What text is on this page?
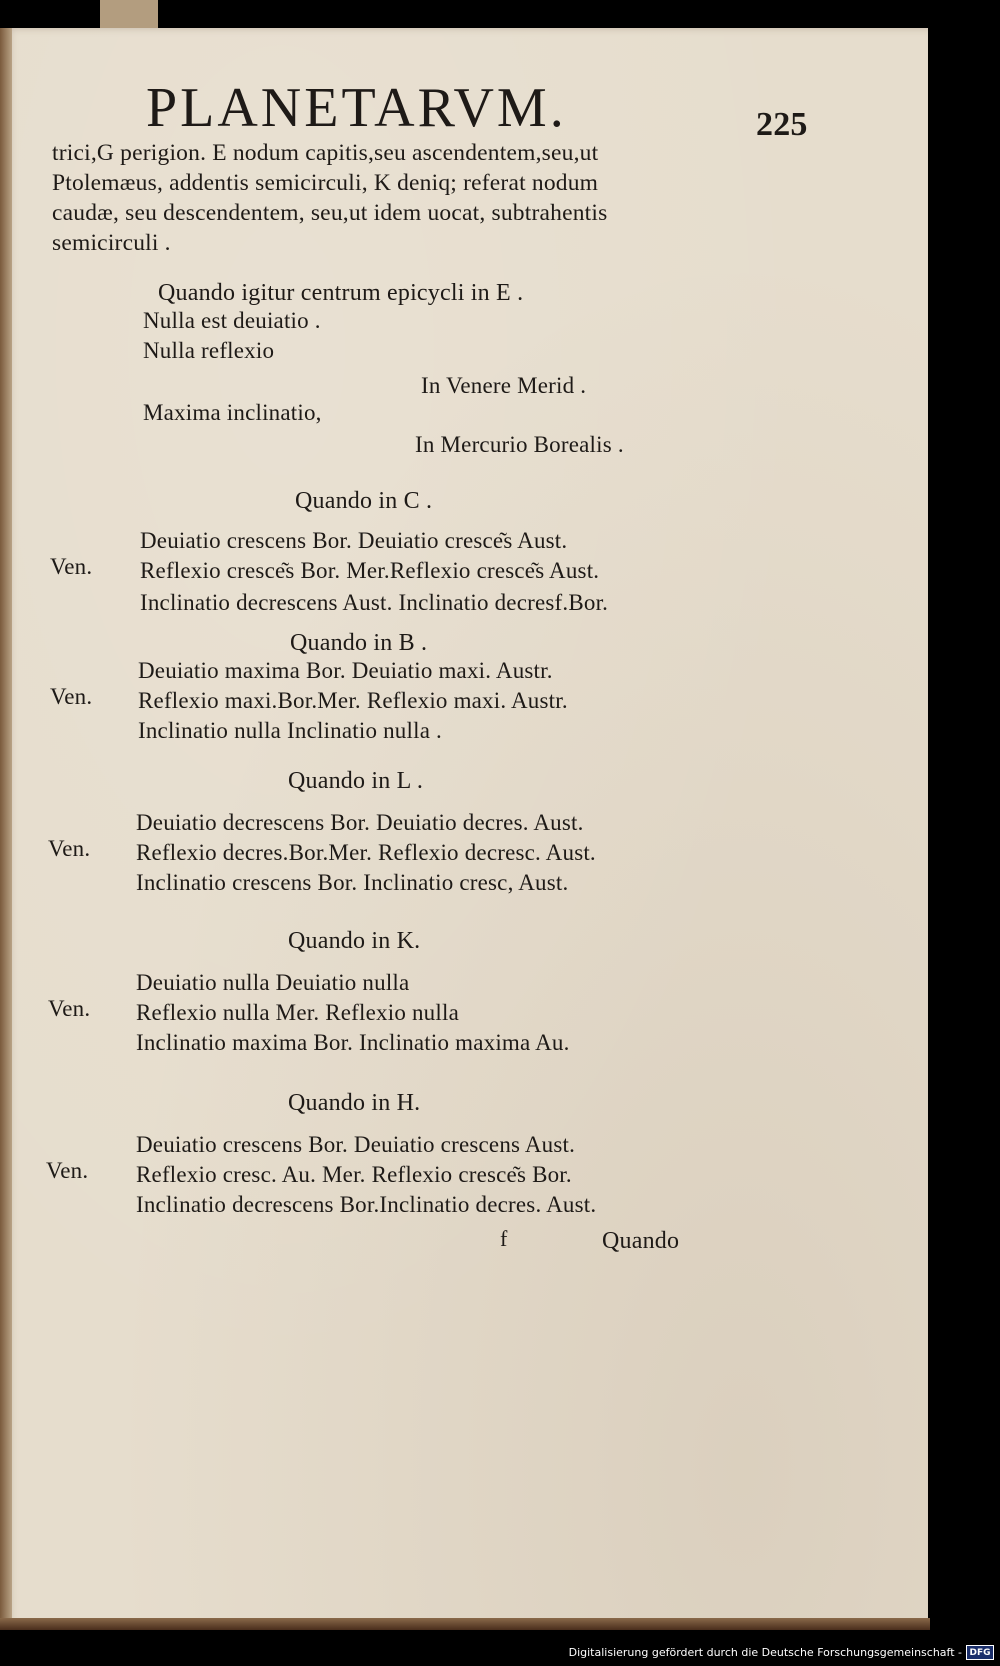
PLANETARVM.	225
trici,G perigion. E nodum capitis,seu ascendentem,seu,ut
Ptolemæus, addentis semicirculi, K deniq; referat nodum
caudæ, seu descendentem, seu,ut idem uocat, subtrahentis
semicirculi .
Quando igitur centrum epicycli in E .
Nulla est deuiatio .
Nulla reflexio
In Venere Merid .
Maxima inclinatio,
In Mercurio Borealis .
Quando in C .
Deuiatio crescens Bor. Deuiatio cresce͂s Aust.
Ven. Reflexio cresce͂s Bor. Mer.Reflexio cresce͂s Aust.
Inclinatio decrescens Aust. Inclinatio decresf.Bor.
Quando in B .
Deuiatio maxima Bor. Deuiatio maxi. Austr.
Ven. Reflexio maxi.Bor.Mer. Reflexio maxi. Austr.
Inclinatio nulla Inclinatio nulla .
Quando in L .
Deuiatio decrescens Bor. Deuiatio decres. Aust.
Ven. Reflexio decres.Bor.Mer. Reflexio decresc. Aust.
Inclinatio crescens Bor. Inclinatio cresc, Aust.
Quando in K.
Deuiatio nulla Deuiatio nulla
Ven. Reflexio nulla Mer. Reflexio nulla
Inclinatio maxima Bor. Inclinatio maxima Au.
Quando in H.
Deuiatio crescens Bor. Deuiatio crescens Aust.
Ven. Reflexio cresc. Au. Mer. Reflexio cresce͂s Bor.
Inclinatio decrescens Bor.Inclinatio decres. Aust.
f	Quando
Digitalisierung gefördert durch die Deutsche Forschungsgemeinschaft - DFG
